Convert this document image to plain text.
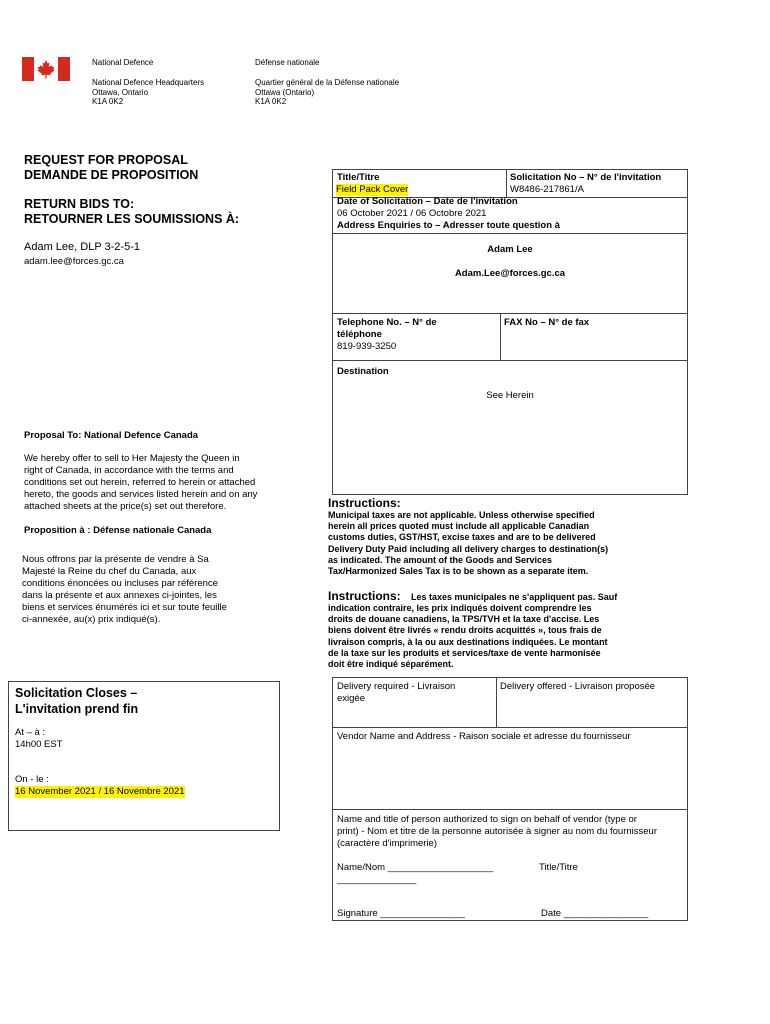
National Defence	Défense nationale
National Defence Headquarters
Ottawa, Ontario
K1A 0K2
Quartier général de la Défense nationale
Ottawa (Ontario)
K1A 0K2
REQUEST FOR PROPOSAL
DEMANDE DE PROPOSITION
RETURN BIDS TO:
RETOURNER LES SOUMISSIONS À:
Adam Lee, DLP 3-2-5-1
adam.lee@forces.gc.ca
Proposal To: National Defence Canada
We hereby offer to sell to Her Majesty the Queen in
right of Canada, in accordance with the terms and
conditions set out herein, referred to herein or attached
hereto, the goods and services listed herein and on any
attached sheets at the price(s) set out therefore.
Proposition à : Défense nationale Canada
Nous offrons par la présente de vendre à Sa
Majesté la Reine du chef du Canada, aux
conditions énoncées ou incluses par référence
dans la présente et aux annexes ci-jointes, les
biens et services énumérés ici et sur toute feuille
ci-annexée, au(x) prix indiqué(s).
Solicitation Closes –
L'invitation prend fin
At – à :
14h00 EST
On - le :
16 November 2021 / 16 Novembre 2021
Title/Titre
Field Pack Cover
Solicitation No – N° de l'invitation
W8486-217861/A
Date of Solicitation – Date de l'invitation
06 October 2021 / 06 Octobre 2021
Address Enquiries to – Adresser toute question à
Adam Lee
Adam.Lee@forces.gc.ca
Telephone No. – N° de
téléphone
819-939-3250
FAX No – N° de fax
Destination
See Herein
Instructions:
Municipal taxes are not applicable. Unless otherwise specified
herein all prices quoted must include all applicable Canadian
customs duties, GST/HST, excise taxes and are to be delivered
Delivery Duty Paid including all delivery charges to destination(s)
as indicated. The amount of the Goods and Services
Tax/Harmonized Sales Tax is to be shown as a separate item.
Instructions: Les taxes municipales ne s'appliquent pas. Sauf
indication contraire, les prix indiqués doivent comprendre les
droits de douane canadiens, la TPS/TVH et la taxe d'accise. Les
biens doivent être livrés « rendu droits acquittés », tous frais de
livraison compris, à la ou aux destinations indiquées. Le montant
de la taxe sur les produits et services/taxe de vente harmonisée
doit être indiqué séparément.
Delivery required - Livraison
exigée
Delivery offered - Livraison proposée
Vendor Name and Address - Raison sociale et adresse du fournisseur
Name and title of person authorized to sign on behalf of vendor (type or
print) - Nom et titre de la personne autorisée à signer au nom du fournisseur
(caractère d'imprimerie)
Name/Nom ____________________
_______________
Title/Titre
Signature ________________	Date ________________
